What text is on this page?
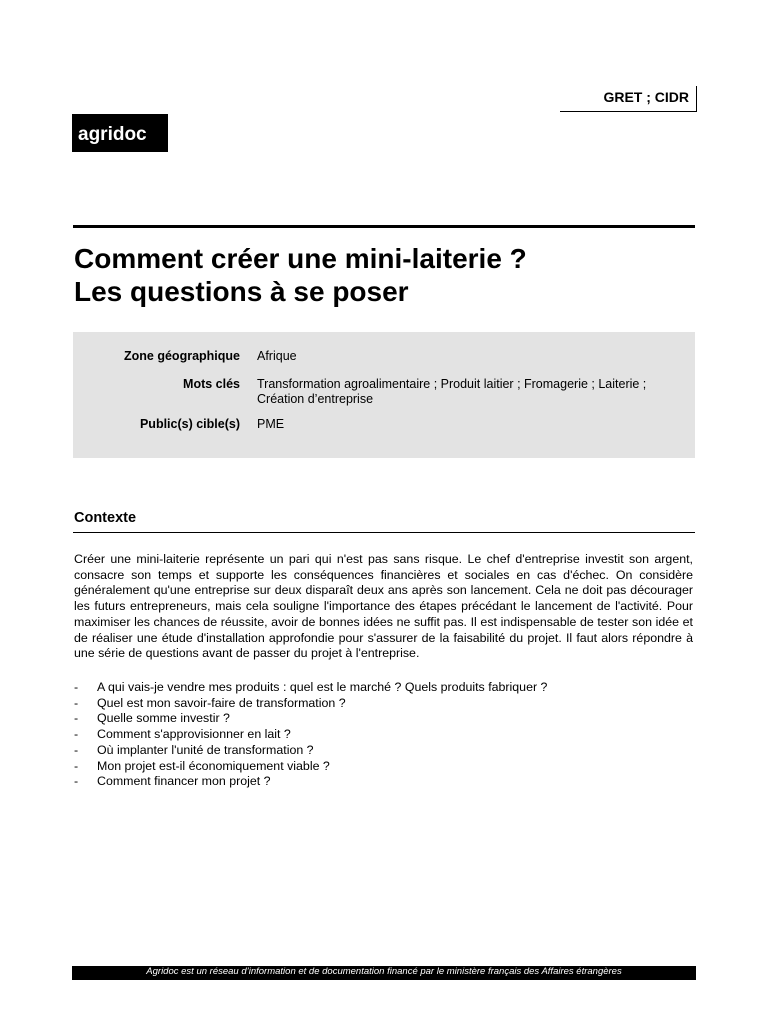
GRET ; CIDR
agridoc
Comment créer une mini-laiterie ?
Les questions à se poser
Zone géographique Afrique
Mots clés Transformation agroalimentaire ; Produit laitier ; Fromagerie ; Laiterie ; Création d’entreprise
Public(s) cible(s) PME
Contexte

Créer une mini-laiterie représente un pari qui n'est pas sans risque. Le chef d'entreprise investit son argent, consacre son temps et supporte les conséquences financières et sociales en cas d'échec. On considère généralement qu'une entreprise sur deux disparaît deux ans après son lancement. Cela ne doit pas décourager les futurs entrepreneurs, mais cela souligne l'importance des étapes précédant le lancement de l'activité. Pour maximiser les chances de réussite, avoir de bonnes idées ne suffit pas. Il est indispensable de tester son idée et de réaliser une étude d'installation approfondie pour s'assurer de la faisabilité du projet. Il faut alors répondre à une série de questions avant de passer du projet à l'entreprise.

- A qui vais-je vendre mes produits : quel est le marché ? Quels produits fabriquer ?
- Quel est mon savoir-faire de transformation ?
- Quelle somme investir ?
- Comment s'approvisionner en lait ?
- Où implanter l'unité de transformation ?
- Mon projet est-il économiquement viable ?
- Comment financer mon projet ?
Agridoc est un réseau d’information et de documentation financé par le ministère français des Affaires étrangères
